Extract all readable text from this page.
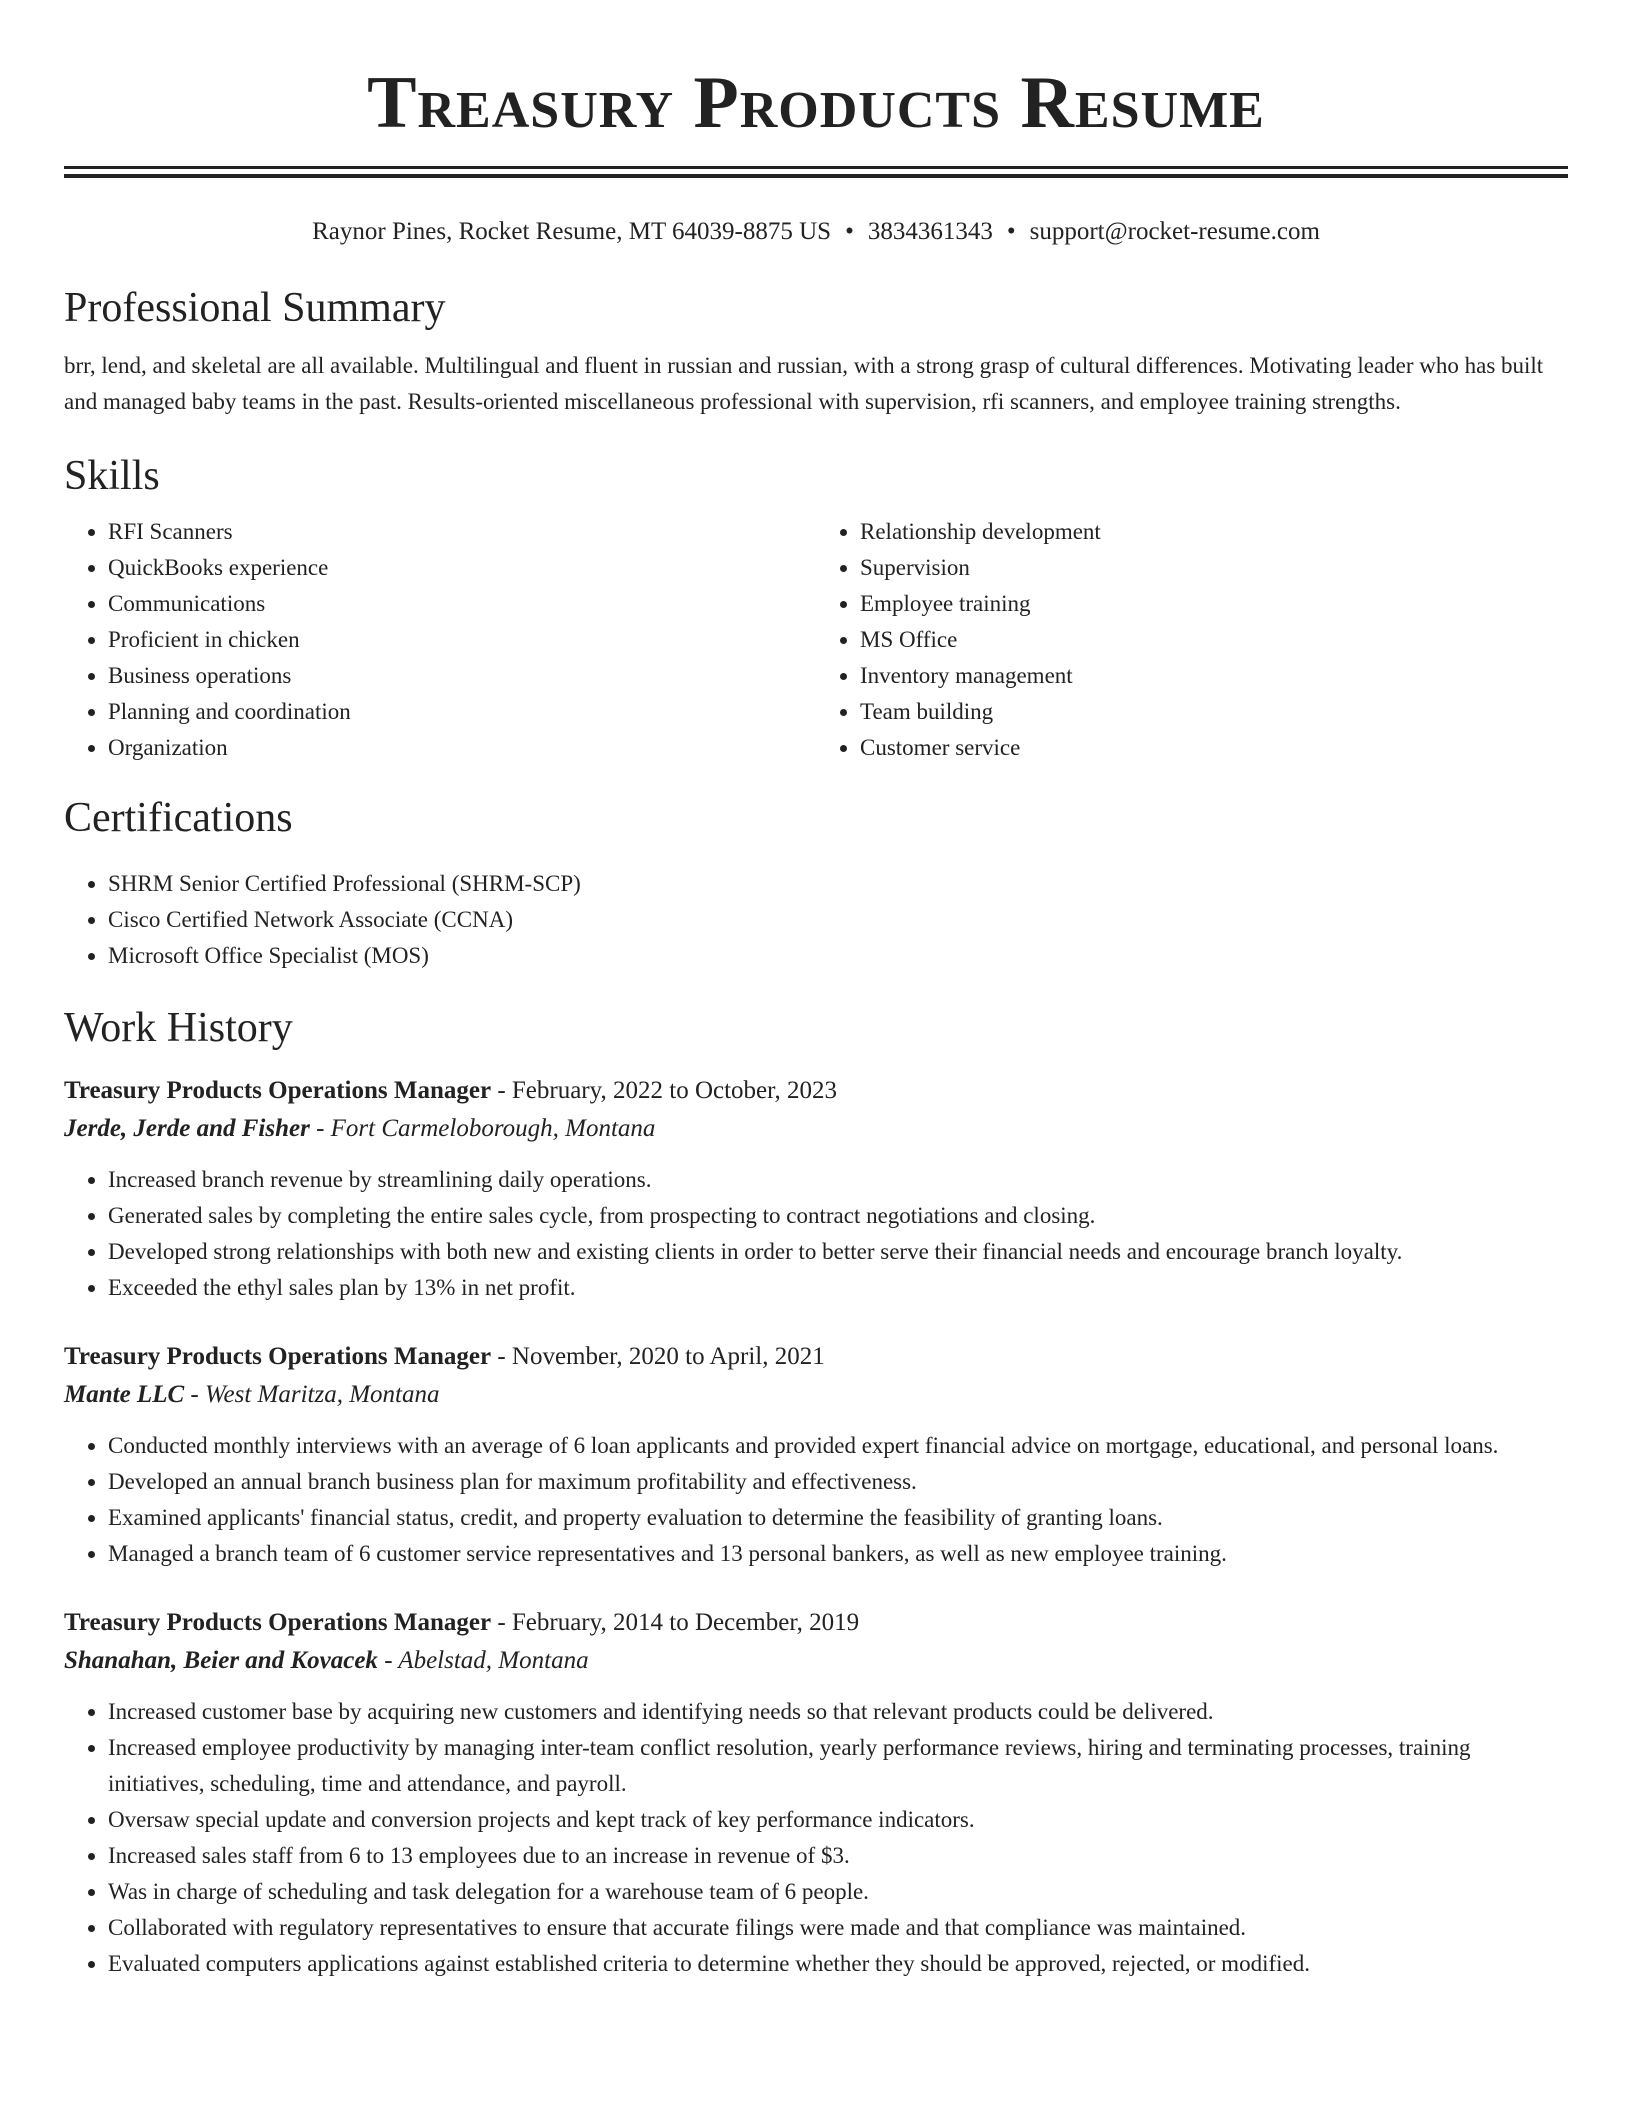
Treasury Products Resume
Raynor Pines, Rocket Resume, MT 64039-8875 US • 3834361343 • support@rocket-resume.com
Professional Summary

brr, lend, and skeletal are all available. Multilingual and fluent in russian and russian, with a strong grasp of cultural differences. Motivating leader who has built and managed baby teams in the past. Results-oriented miscellaneous professional with supervision, rfi scanners, and employee training strengths.

Skills
• RFI Scanners
• QuickBooks experience
• Communications
• Proficient in chicken
• Business operations
• Planning and coordination
• Organization
• Relationship development
• Supervision
• Employee training
• MS Office
• Inventory management
• Team building
• Customer service
Certifications
• SHRM Senior Certified Professional (SHRM-SCP)
• Cisco Certified Network Associate (CCNA)
• Microsoft Office Specialist (MOS)
Work History
Treasury Products Operations Manager - February, 2022 to October, 2023
Jerde, Jerde and Fisher - Fort Carmeloborough, Montana
• Increased branch revenue by streamlining daily operations.
• Generated sales by completing the entire sales cycle, from prospecting to contract negotiations and closing.
• Developed strong relationships with both new and existing clients in order to better serve their financial needs and encourage branch loyalty.
• Exceeded the ethyl sales plan by 13% in net profit.
Treasury Products Operations Manager - November, 2020 to April, 2021
Mante LLC - West Maritza, Montana
• Conducted monthly interviews with an average of 6 loan applicants and provided expert financial advice on mortgage, educational, and personal loans.
• Developed an annual branch business plan for maximum profitability and effectiveness.
• Examined applicants' financial status, credit, and property evaluation to determine the feasibility of granting loans.
• Managed a branch team of 6 customer service representatives and 13 personal bankers, as well as new employee training.
Treasury Products Operations Manager - February, 2014 to December, 2019
Shanahan, Beier and Kovacek - Abelstad, Montana
• Increased customer base by acquiring new customers and identifying needs so that relevant products could be delivered.
• Increased employee productivity by managing inter-team conflict resolution, yearly performance reviews, hiring and terminating processes, training initiatives, scheduling, time and attendance, and payroll.
• Oversaw special update and conversion projects and kept track of key performance indicators.
• Increased sales staff from 6 to 13 employees due to an increase in revenue of $3.
• Was in charge of scheduling and task delegation for a warehouse team of 6 people.
• Collaborated with regulatory representatives to ensure that accurate filings were made and that compliance was maintained.
• Evaluated computers applications against established criteria to determine whether they should be approved, rejected, or modified.
